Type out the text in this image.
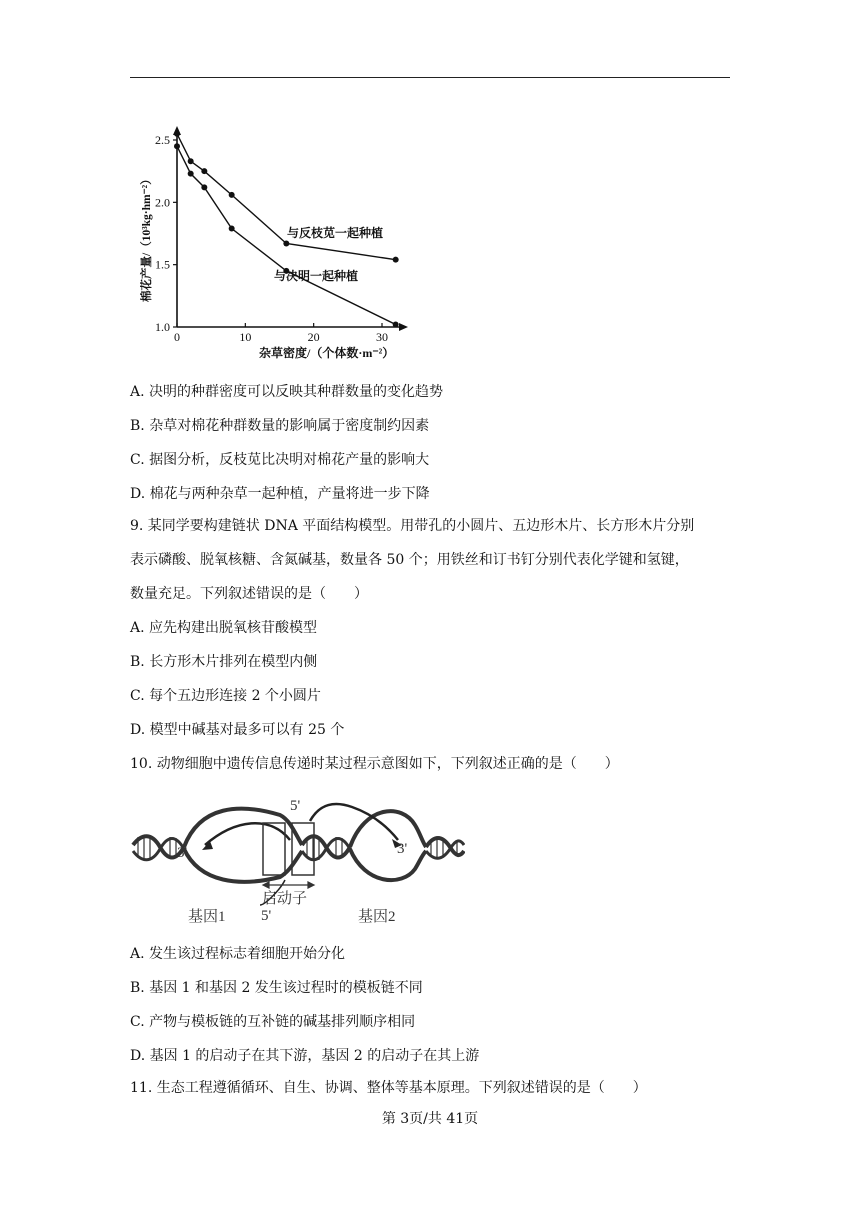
1.0
1.5
2.0
2.5
0	10	20	30
杂草密度/（个体数·m⁻²）
棉花产量/（10³kg·hm⁻²）	与反枝苋一起种植
与决明一起种植
A. 决明的种群密度可以反映其种群数量的变化趋势
B. 杂草对棉花种群数量的影响属于密度制约因素
C. 据图分析，反枝苋比决明对棉花产量的影响大
D. 棉花与两种杂草一起种植，产量将进一步下降
9. 某同学要构建链状 DNA 平面结构模型。用带孔的小圆片、五边形木片、长方形木片分别
表示磷酸、脱氧核糖、含氮碱基，数量各 50 个；用铁丝和订书钉分别代表化学键和氢键，
数量充足。下列叙述错误的是（　　）
A. 应先构建出脱氧核苷酸模型
B. 长方形木片排列在模型内侧
C. 每个五边形连接 2 个小圆片
D. 模型中碱基对最多可以有 25 个
10. 动物细胞中遗传信息传递时某过程示意图如下，下列叙述正确的是（　　）
5'
3'	3'
5'
启动子
基因1	基因2
A. 发生该过程标志着细胞开始分化
B. 基因 1 和基因 2 发生该过程时的模板链不同
C. 产物与模板链的互补链的碱基排列顺序相同
D. 基因 1 的启动子在其下游，基因 2 的启动子在其上游
11. 生态工程遵循循环、自生、协调、整体等基本原理。下列叙述错误的是（　　）
第 3页/共 41页
